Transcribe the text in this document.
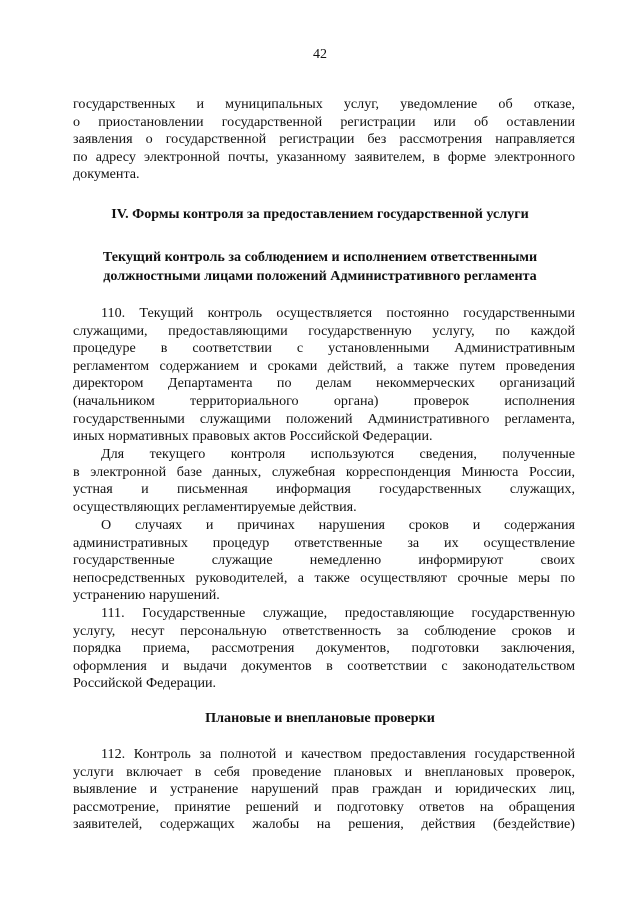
42
государственных и муниципальных услуг, уведомление об отказе,
о приостановлении государственной регистрации или об оставлении
заявления о государственной регистрации без рассмотрения направляется
по адресу электронной почты, указанному заявителем, в форме электронного
документа.
IV. Формы контроля за предоставлением государственной услуги
Текущий контроль за соблюдением и исполнением ответственными
должностными лицами положений Административного регламента
110. Текущий контроль осуществляется постоянно государственными
служащими, предоставляющими государственную услугу, по каждой
процедуре в соответствии с установленными Административным
регламентом содержанием и сроками действий, а также путем проведения
директором Департамента по делам некоммерческих организаций
(начальником территориального органа) проверок исполнения
государственными служащими положений Административного регламента,
иных нормативных правовых актов Российской Федерации.
Для текущего контроля используются сведения, полученные
в электронной базе данных, служебная корреспонденция Минюста России,
устная и письменная информация государственных служащих,
осуществляющих регламентируемые действия.
О случаях и причинах нарушения сроков и содержания
административных процедур ответственные за их осуществление
государственные служащие немедленно информируют своих
непосредственных руководителей, а также осуществляют срочные меры по
устранению нарушений.
111. Государственные служащие, предоставляющие государственную
услугу, несут персональную ответственность за соблюдение сроков и
порядка приема, рассмотрения документов, подготовки заключения,
оформления и выдачи документов в соответствии с законодательством
Российской Федерации.
Плановые и внеплановые проверки
112. Контроль за полнотой и качеством предоставления государственной
услуги включает в себя проведение плановых и внеплановых проверок,
выявление и устранение нарушений прав граждан и юридических лиц,
рассмотрение, принятие решений и подготовку ответов на обращения
заявителей, содержащих жалобы на решения, действия (бездействие)
